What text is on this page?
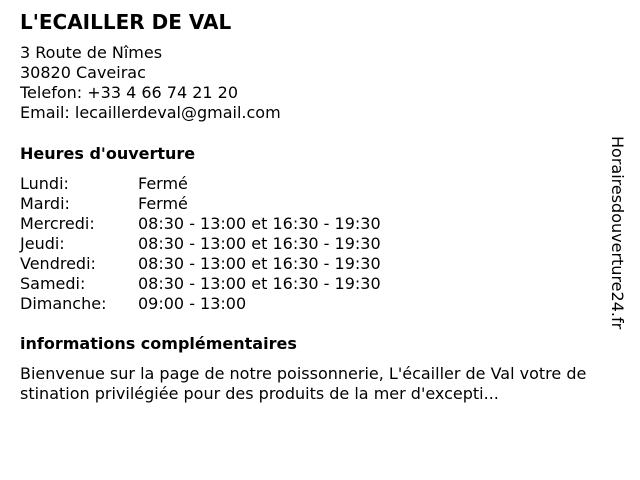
L'ECAILLER DE VAL
3 Route de Nîmes
30820 Caveirac
Telefon: +33 4 66 74 21 20
Email: lecaillerdeval@gmail.com
Heures d'ouverture
Lundi:	Fermé
Mardi:	Fermé
Mercredi:	08:30 - 13:00 et 16:30 - 19:30
Jeudi:	08:30 - 13:00 et 16:30 - 19:30
Vendredi:	08:30 - 13:00 et 16:30 - 19:30
Samedi:	08:30 - 13:00 et 16:30 - 19:30
Dimanche:	09:00 - 13:00
informations complémentaires
Bienvenue sur la page de notre poissonnerie, L'écailler de Val votre destination privilégiée pour des produits de la mer d'excepti...
Horairesdouverture24.fr
